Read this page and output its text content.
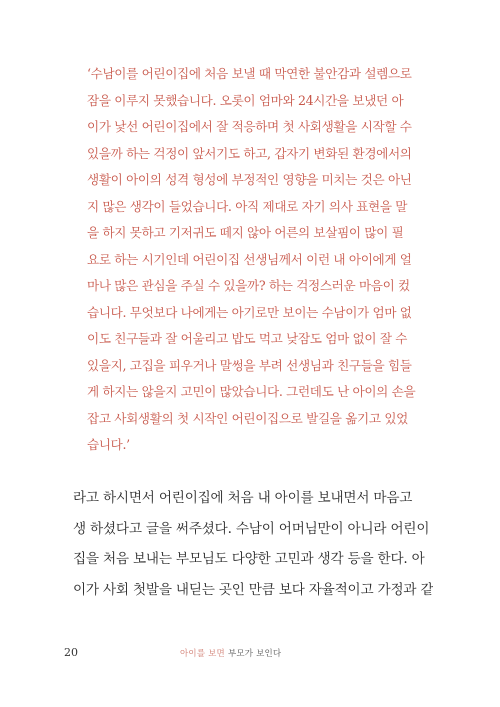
‘수남이를 어린이집에 처음 보낼 때 막연한 불안감과 설렘으로
잠을 이루지 못했습니다. 오롯이 엄마와 24시간을 보냈던 아
이가 낯선 어린이집에서 잘 적응하며 첫 사회생활을 시작할 수
있을까 하는 걱정이 앞서기도 하고, 갑자기 변화된 환경에서의
생활이 아이의 성격 형성에 부정적인 영향을 미치는 것은 아닌
지 많은 생각이 들었습니다. 아직 제대로 자기 의사 표현을 말
을 하지 못하고 기저귀도 떼지 않아 어른의 보살핌이 많이 필
요로 하는 시기인데 어린이집 선생님께서 이런 내 아이에게 얼
마나 많은 관심을 주실 수 있을까? 하는 걱정스러운 마음이 컸
습니다. 무엇보다 나에게는 아기로만 보이는 수남이가 엄마 없
이도 친구들과 잘 어울리고 밥도 먹고 낮잠도 엄마 없이 잘 수
있을지, 고집을 피우거나 말썽을 부려 선생님과 친구들을 힘들
게 하지는 않을지 고민이 많았습니다. 그런데도 난 아이의 손을
잡고 사회생활의 첫 시작인 어린이집으로 발길을 옮기고 있었
습니다.’
라고 하시면서 어린이집에 처음 내 아이를 보내면서 마음고
생 하셨다고 글을 써주셨다. 수남이 어머님만이 아니라 어린이
집을 처음 보내는 부모님도 다양한 고민과 생각 등을 한다. 아
이가 사회 첫발을 내딛는 곳인 만큼 보다 자율적이고 가정과 같
20	아이를 보면 부모가 보인다
